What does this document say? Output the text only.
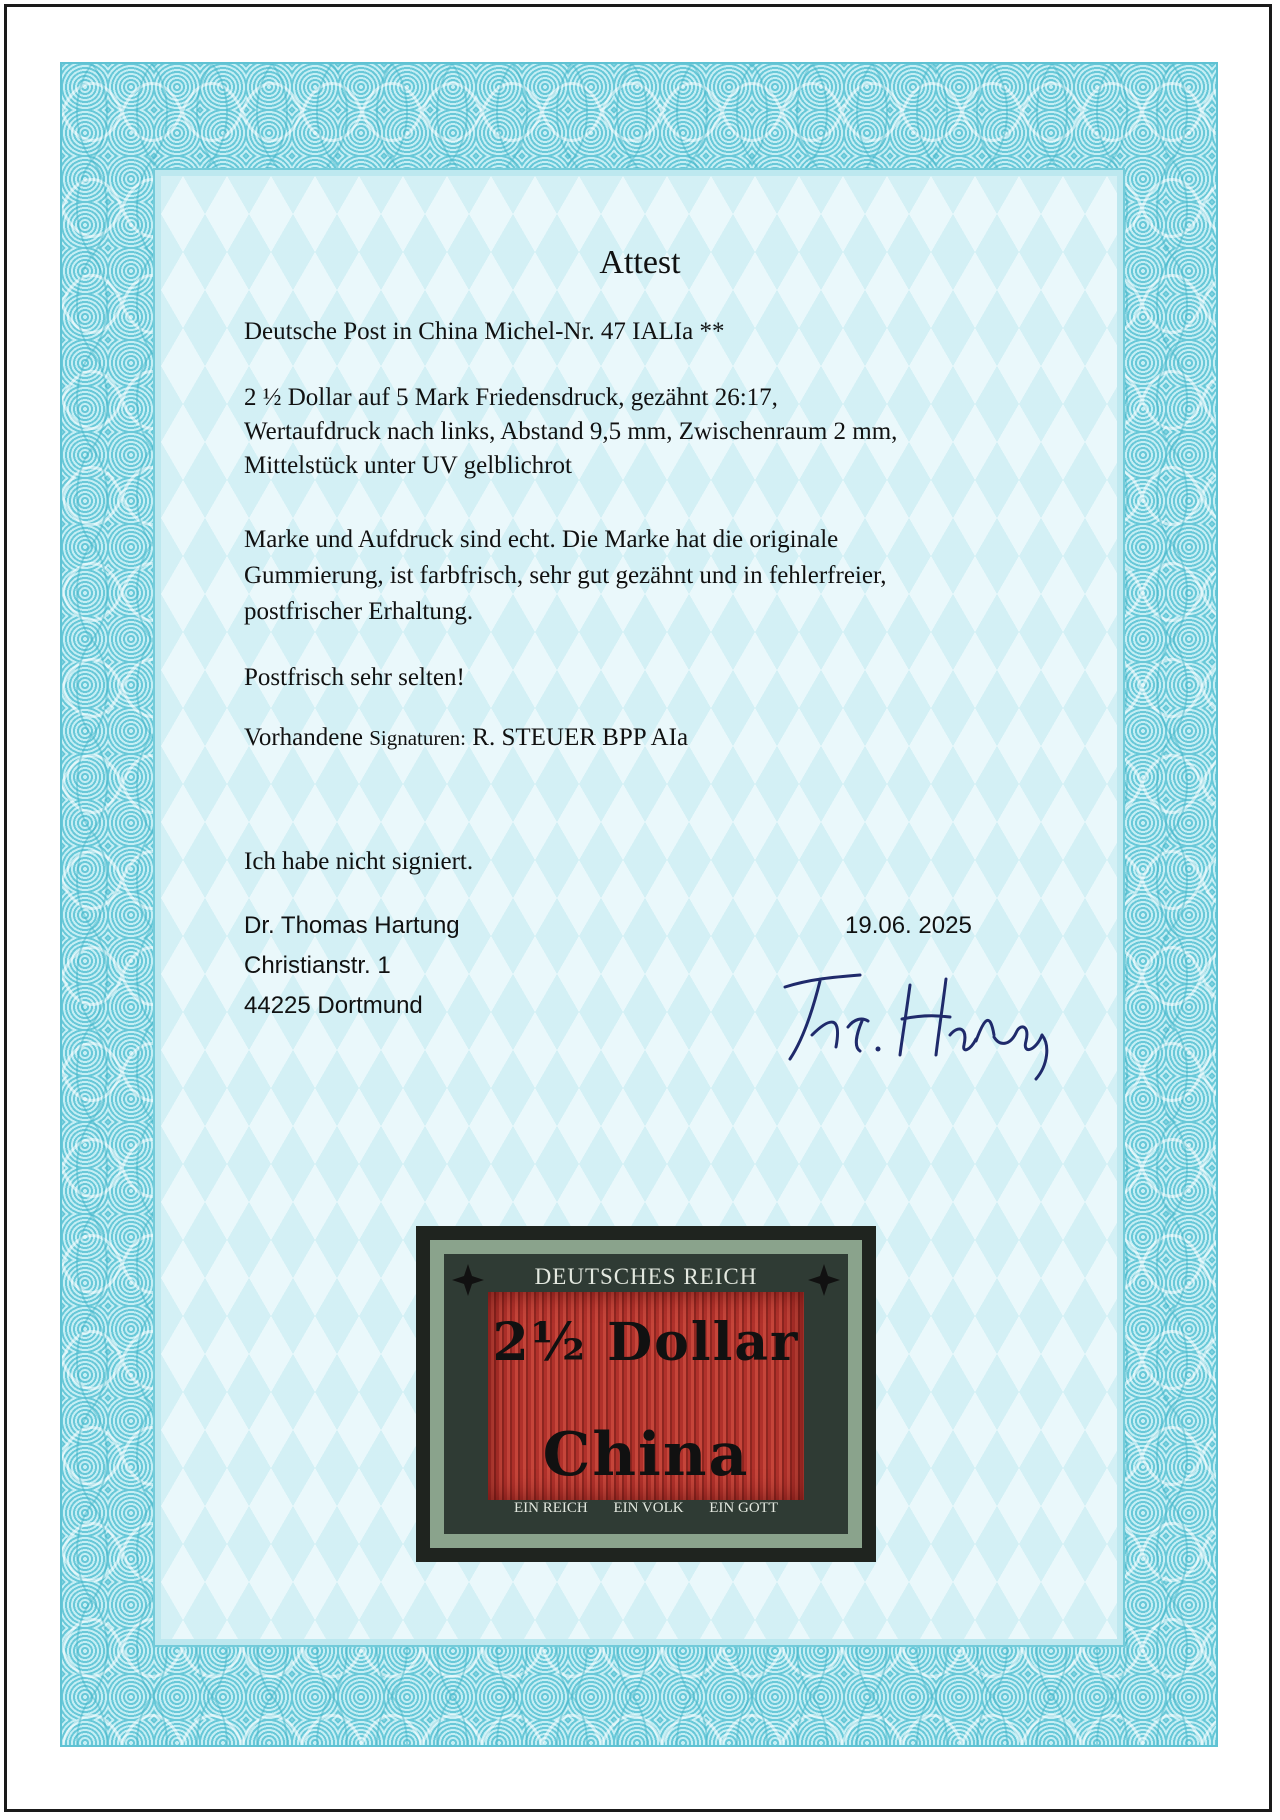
Attest
Deutsche Post in China Michel-Nr. 47 IALIa **
2 ½ Dollar auf 5 Mark Friedensdruck, gezähnt 26:17,
Wertaufdruck nach links, Abstand 9,5 mm, Zwischenraum 2 mm,
Mittelstück unter UV gelblichrot
Marke und Aufdruck sind echt. Die Marke hat die originale
Gummierung, ist farbfrisch, sehr gut gezähnt und in fehlerfreier,
postfrischer Erhaltung.
Postfrisch sehr selten!
Vorhandene Signaturen: R. STEUER BPP AIa
Ich habe nicht signiert.
Dr. Thomas Hartung
Christianstr. 1
44225 Dortmund
19.06. 2025
DEUTSCHES REICH
2½ Dollar
China
EIN REICH EIN VOLK EIN GOTT
